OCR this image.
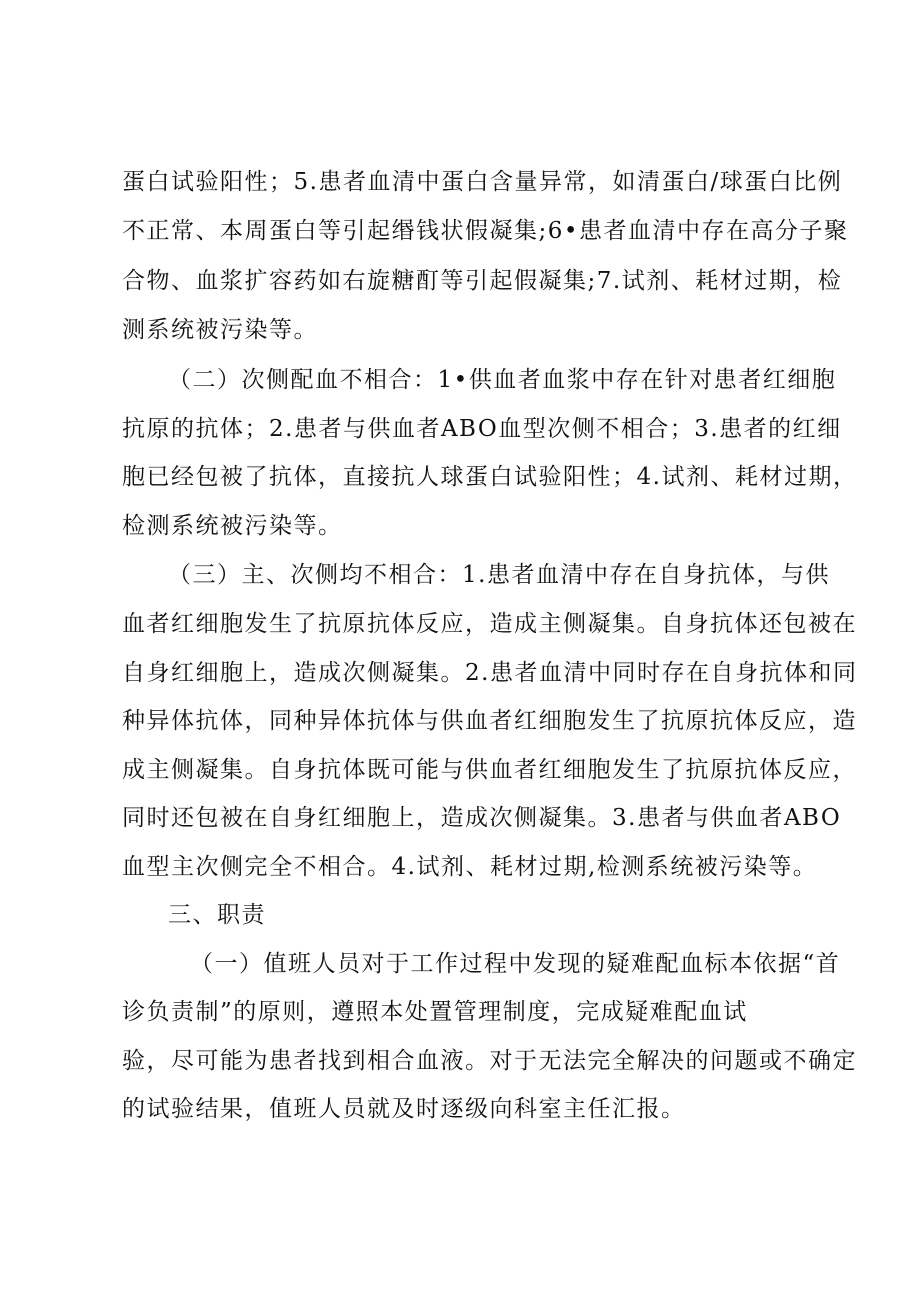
蛋白试验阳性；5.患者血清中蛋白含量异常，如清蛋白/球蛋白比例
不正常、本周蛋白等引起缗钱状假凝集;6•患者血清中存在高分子聚
合物、血浆扩容药如右旋糖酊等引起假凝集;7.试剂、耗材过期，检
测系统被污染等。
（二）次侧配血不相合：1•供血者血浆中存在针对患者红细胞
抗原的抗体；2.患者与供血者ABO血型次侧不相合；3.患者的红细
胞已经包被了抗体，直接抗人球蛋白试验阳性；4.试剂、耗材过期，
检测系统被污染等。
（三）主、次侧均不相合：1.患者血清中存在自身抗体，与供
血者红细胞发生了抗原抗体反应，造成主侧凝集。自身抗体还包被在
自身红细胞上，造成次侧凝集。2.患者血清中同时存在自身抗体和同
种异体抗体，同种异体抗体与供血者红细胞发生了抗原抗体反应，造
成主侧凝集。自身抗体既可能与供血者红细胞发生了抗原抗体反应，
同时还包被在自身红细胞上，造成次侧凝集。3.患者与供血者ABO
血型主次侧完全不相合。4.试剂、耗材过期,检测系统被污染等。
三、职责
（一）值班人员对于工作过程中发现的疑难配血标本依据“首
诊负责制”的原则，遵照本处置管理制度，完成疑难配血试
验，尽可能为患者找到相合血液。对于无法完全解决的问题或不确定
的试验结果，值班人员就及时逐级向科室主任汇报。
